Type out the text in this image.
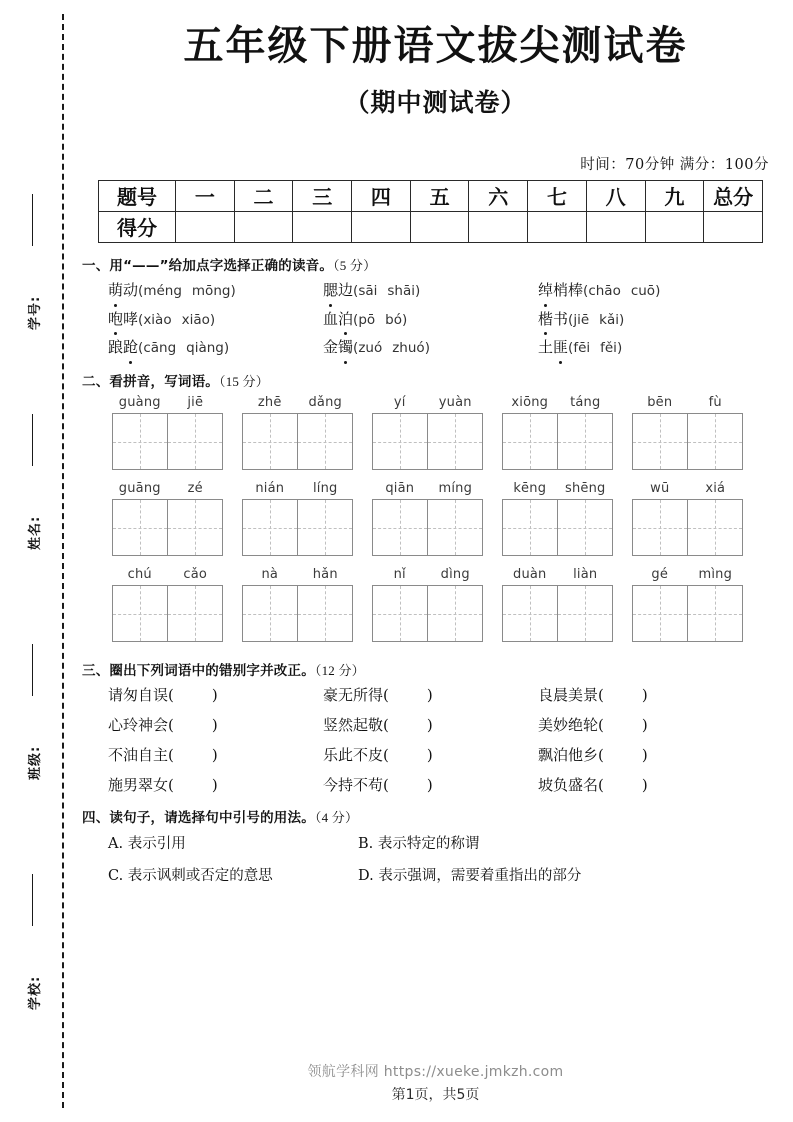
学号:
姓名:
班级:
学校:
五年级下册语文拔尖测试卷
（期中测试卷）

时间：70分钟 满分：100分

题号	一	二	三	四	五	六	七	八	九	总分
得分										

一、用“——”给加点字选择正确的读音。（5 分）

萌动(méng mōng)	腮边(sāi shāi)	绰梢棒(chāo cuō)
咆哮(xiào xiāo)	血泊(pō bó)	楷书(jiē kǎi)
踉跄(cāng qiàng)	金镯(zuó zhuó)	土匪(fēi fěi)

二、看拼音，写词语。（15 分）

guàng	jiē	zhē	dǎng	yí	yuàn	xiōng	táng	bēn	fù
guāng	zé	nián	líng	qiān	míng	kēng	shēng	wū	xiá
chú	cǎo	nà	hǎn	nǐ	dìng	duàn	liàn	gé	mìng

三、圈出下列词语中的错别字并改正。（12 分）

请匆自误(	)	豪无所得(	)	良晨美景(	)
心玲神会(	)	竖然起敬(	)	美妙绝轮(	)
不油自主(	)	乐此不皮(	)	飘泊他乡(	)
施男翠女(	)	今持不苟(	)	坡负盛名(	)

四、读句子，请选择句中引号的用法。（4 分）

A. 表示引用	B. 表示特定的称谓
C. 表示讽刺或否定的意思	D. 表示强调，需要着重指出的部分

领航学科网 https://xueke.jmkzh.com

第1页，共5页
